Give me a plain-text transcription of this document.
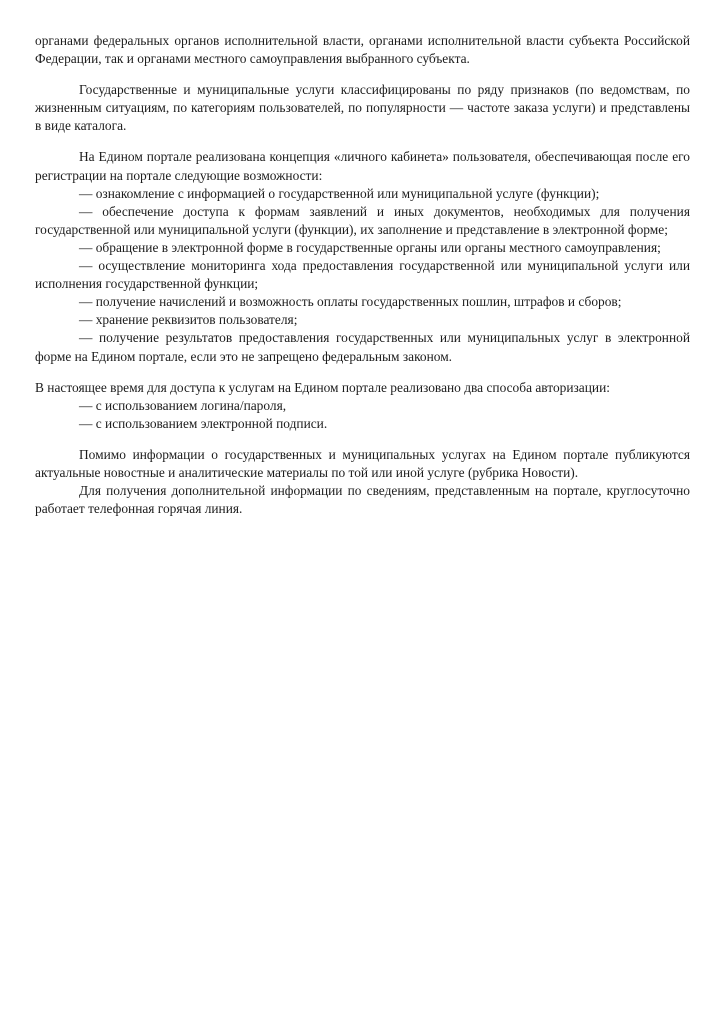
органами федеральных органов исполнительной власти, органами исполнительной власти субъекта Российской Федерации, так и органами местного самоуправления выбранного субъекта.

Государственные и муниципальные услуги классифицированы по ряду признаков (по ведомствам, по жизненным ситуациям, по категориям пользователей, по популярности — частоте заказа услуги) и представлены в виде каталога.

На Едином портале реализована концепция «личного кабинета» пользователя, обеспечивающая после его регистрации на портале следующие возможности:

— ознакомление с информацией о государственной или муниципальной услуге (функции);

— обеспечение доступа к формам заявлений и иных документов, необходимых для получения государственной или муниципальной услуги (функции), их заполнение и представление в электронной форме;

— обращение в электронной форме в государственные органы или органы местного самоуправления;

— осуществление мониторинга хода предоставления государственной или муниципальной услуги или исполнения государственной функции;

— получение начислений и возможность оплаты государственных пошлин, штрафов и сборов;

— хранение реквизитов пользователя;

— получение результатов предоставления государственных или муниципальных услуг в электронной форме на Едином портале, если это не запрещено федеральным законом.

В настоящее время для доступа к услугам на Едином портале реализовано два способа авторизации:

— с использованием логина/пароля,

— с использованием электронной подписи.

Помимо информации о государственных и муниципальных услугах на Едином портале публикуются актуальные новостные и аналитические материалы по той или иной услуге (рубрика Новости).

Для получения дополнительной информации по сведениям, представленным на портале, круглосуточно работает телефонная горячая линия.
